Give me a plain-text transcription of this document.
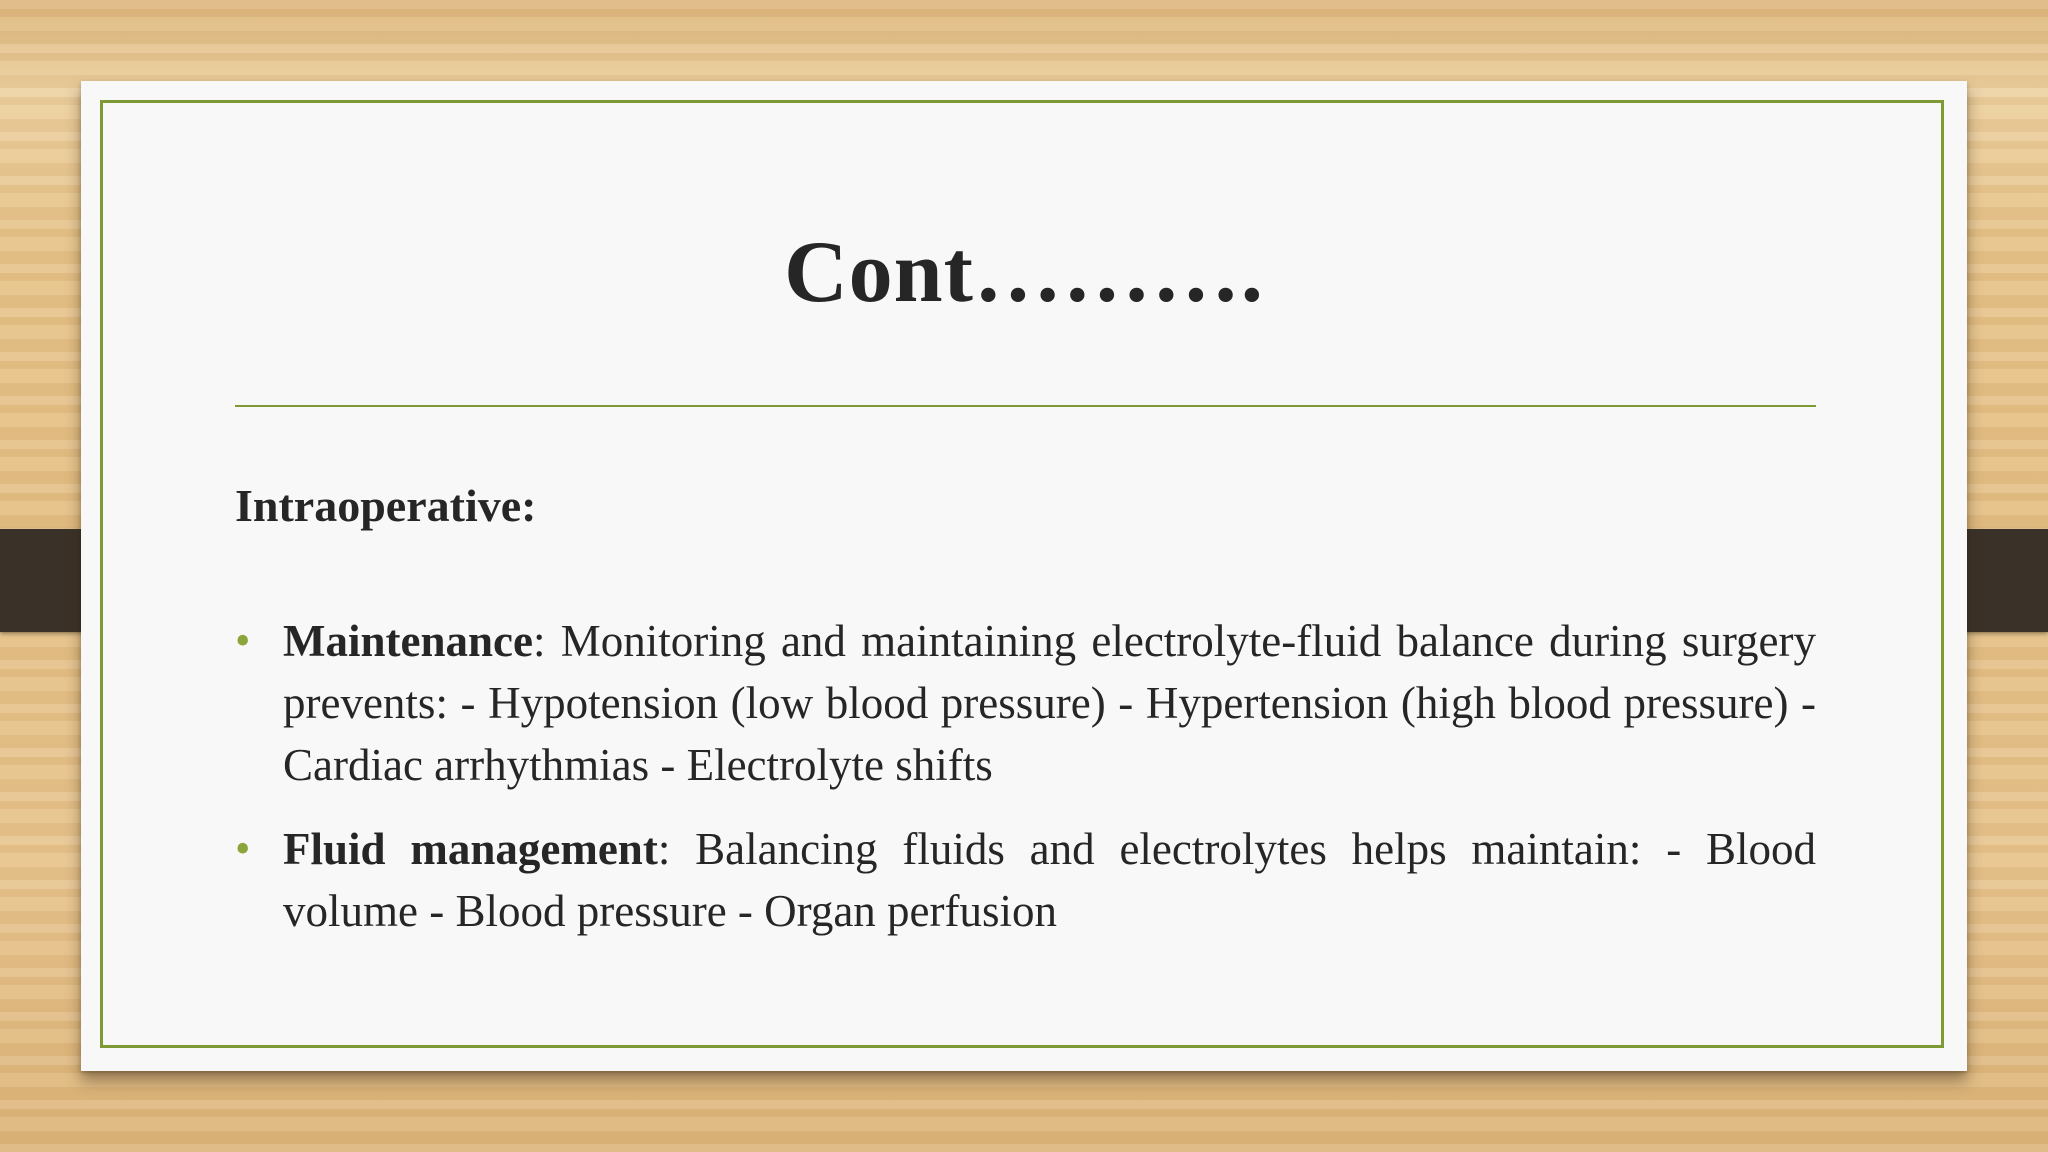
Cont……….
Intraoperative:
• Maintenance: Monitoring and maintaining electrolyte-fluid balance during surgery prevents: - Hypotension (low blood pressure) - Hypertension (high blood pressure) - Cardiac arrhythmias - Electrolyte shifts
• Fluid management: Balancing fluids and electrolytes helps maintain: - Blood volume - Blood pressure - Organ perfusion
